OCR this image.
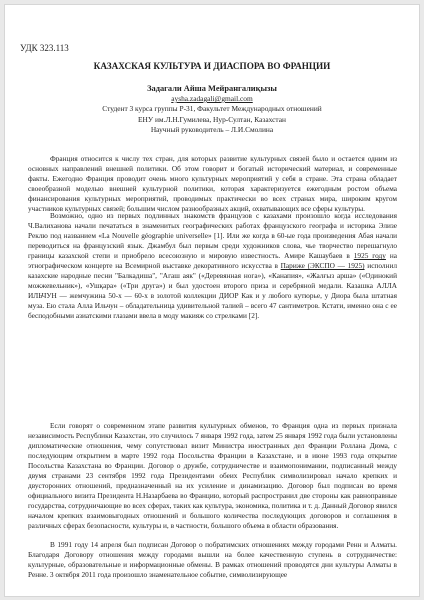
УДК 323.113
КАЗАХСКАЯ КУЛЬТУРА И ДИАСПОРА ВО ФРАНЦИИ
Задагали Айша Мейрангалиқызы
aysha.zadagali@gmail.com
Студент 3 курса группы Р-31, Факультет Международных отношений
ЕНУ им.Л.Н.Гумилева, Нур-Султан, Казахстан
Научный руководитель – Л.И.Смолина

Франция относится к числу тех стран, для которых развитие культурных связей было и остается одним из основных направлений внешней политики. Об этом говорит и богатый исторический материал, и современные факты. Ежегодно Франция проводит очень много культурных мероприятий у себя в стране. Эта страна обладает своеобразной моделью внешней культурной политики, которая характеризуется ежегодным ростом объема финансирования культурных мероприятий, проводимых практически во всех странах мира, широким кругом участников культурных связей; большим числом разнообразных акций, охватывающих все сферы культуры.

Возможно, одно из первых подлинных знакомств французов с казахами произошло когда исследования Ч.Валиханова начали печататься в знаменитых географических работах французского географа и историка Элизе Реклю под названием «La Nouvelle géographie universelle» [1]. Или же когда в 60-ые года произведения Абая начали переводиться на французский язык. Джамбул был первым среди художников слова, чье творчество перешагнуло границы казахской степи и приобрело всесоюзную и мировую известность. Амире Кашаубаев в 1925 году на этнографическом концерте на Всемирной выставке декоративного искусства в Париже (ЭКСПО — 1925) исполнил казахские народные песни "Балкадиша", "Агаш аяк" («Деревянная нога»), «Канапия», «Жалғыз арша» («Одинокий можжевельник»), «Ушқара» («Три друга») и был удостоен второго приза и серебряной медали. Казашка АЛЛА ИЛЬЧУН — жемчужина 50-х — 60-х в золотой коллекции ДИОР Как и у любого кутюрье, у Диора была штатная муза. Ею стала Алла Ильчун – обладательница удивительной талией – всего 47 сантиметров. Кстати, именно она с ее бесподобными азиатскими глазами ввела в моду макияж со стрелками [2].

Если говорят о современном этапе развития культурных обменов, то Франция одна из первых признала независимость Республики Казахстан, это случилось 7 января 1992 года, затем 25 января 1992 года были установлены дипломатические отношения, чему сопутствовал визит Министра иностранных дел Франции Роллана Дюма, с последующим открытием в марте 1992 года Посольства Франции в Казахстане, и в июне 1993 года открытие Посольства Казахстана во Франции. Договор о дружбе, сотрудничестве и взаимопонимании, подписанный между двумя странами 23 сентября 1992 года Президентами обеих Республик символизировал начало крепких и двусторонних отношений, предназначенный на их усиление и динамизацию. Договор был подписан во время официального визита Президента Н.Назарбаева во Францию, который распространил две стороны как равноправные государства, сотрудничающие во всех сферах, таких как культура, экономика, политика и т. д. Данный Договор явился началом крепких взаимовыгодных отношений и большого количества последующих договоров и соглашения в различных сферах безопасности, культуры и, в частности, большого объема в области образования.

В 1991 году 14 апреля был подписан Договор о побратимских отношениях между городами Ренн и Алматы. Благодаря Договору отношения между городами вышли на более качественную ступень в сотрудничестве: культурные, образовательные и информационные обмены. В рамках отношений проводятся дни культуры Алматы в Ренне. 3 октября 2011 года произошло знаменательное событие, символизирующее
